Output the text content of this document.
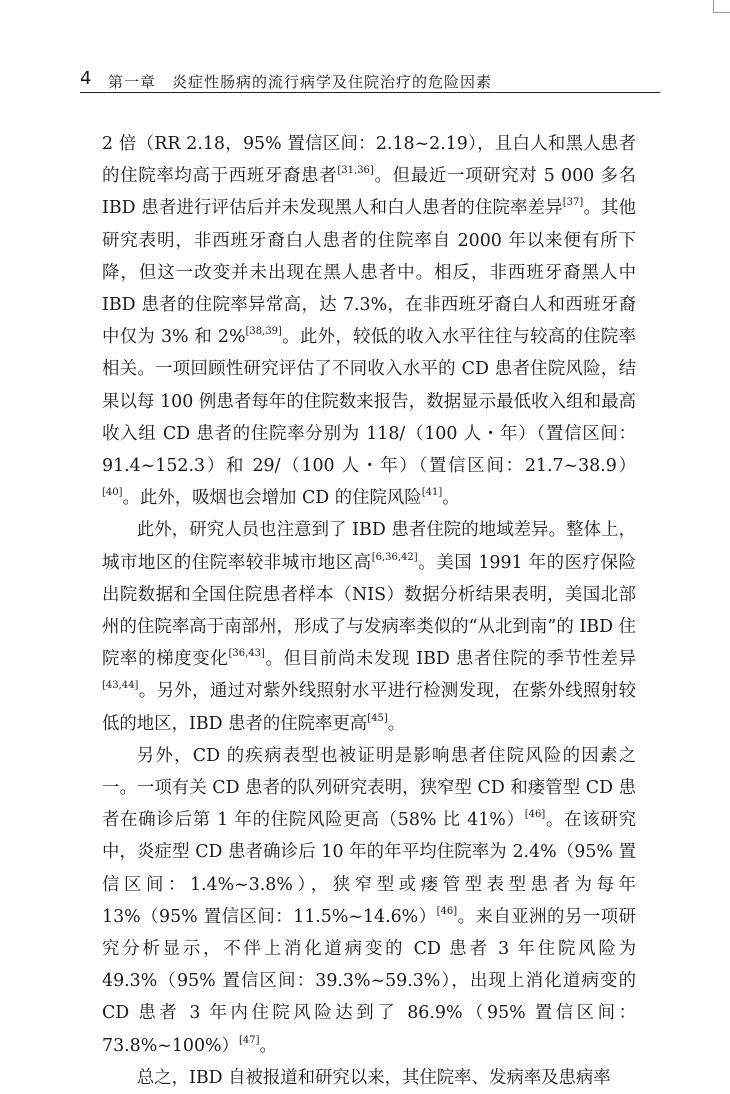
4 第一章　炎症性肠病的流行病学及住院治疗的危险因素

2 倍（RR 2.18，95% 置信区间：2.18~2.19），且白人和黑人患者的住院率均高于西班牙裔患者[31,36]。但最近一项研究对 5 000 多名 IBD 患者进行评估后并未发现黑人和白人患者的住院率差异[37]。其他研究表明，非西班牙裔白人患者的住院率自 2000 年以来便有所下降，但这一改变并未出现在黑人患者中。相反，非西班牙裔黑人中 IBD 患者的住院率异常高，达 7.3%，在非西班牙裔白人和西班牙裔中仅为 3% 和 2%[38,39]。此外，较低的收入水平往往与较高的住院率相关。一项回顾性研究评估了不同收入水平的 CD 患者住院风险，结果以每 100 例患者每年的住院数来报告，数据显示最低收入组和最高收入组 CD 患者的住院率分别为 118/（100 人・年）（置信区间：91.4~152.3）和 29/（100 人・年）（置信区间：21.7~38.9）[40]。此外，吸烟也会增加 CD 的住院风险[41]。

此外，研究人员也注意到了 IBD 患者住院的地域差异。整体上，城市地区的住院率较非城市地区高[6,36,42]。美国 1991 年的医疗保险出院数据和全国住院患者样本（NIS）数据分析结果表明，美国北部州的住院率高于南部州，形成了与发病率类似的“从北到南”的 IBD 住院率的梯度变化[36,43]。但目前尚未发现 IBD 患者住院的季节性差异[43,44]。另外，通过对紫外线照射水平进行检测发现，在紫外线照射较低的地区，IBD 患者的住院率更高[45]。

另外，CD 的疾病表型也被证明是影响患者住院风险的因素之一。一项有关 CD 患者的队列研究表明，狭窄型 CD 和瘘管型 CD 患者在确诊后第 1 年的住院风险更高（58% 比 41%）[46]。在该研究中，炎症型 CD 患者确诊后 10 年的年平均住院率为 2.4%（95% 置信区间：1.4%~3.8%），狭窄型或瘘管型表型患者为每年 13%（95% 置信区间：11.5%~14.6%）[46]。来自亚洲的另一项研究分析显示，不伴上消化道病变的 CD 患者 3 年住院风险为 49.3%（95% 置信区间：39.3%~59.3%），出现上消化道病变的 CD 患者 3 年内住院风险达到了 86.9%（95% 置信区间：73.8%~100%）[47]。

总之，IBD 自被报道和研究以来，其住院率、发病率及患病率
